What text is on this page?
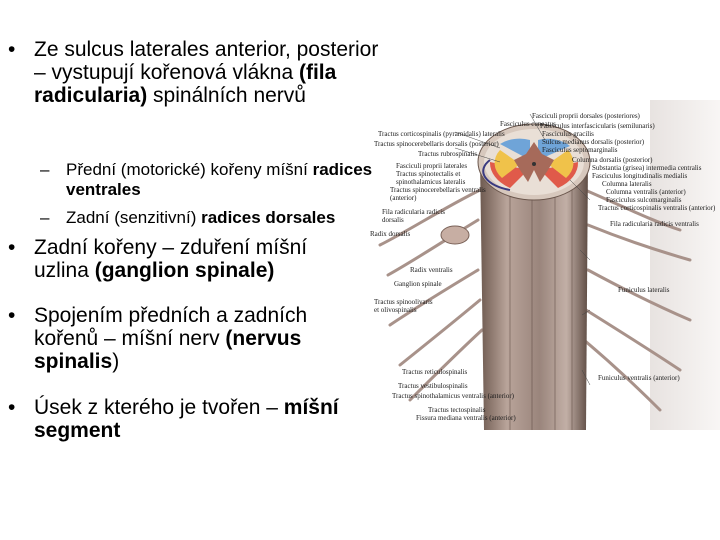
Fasciculi proprii dorsales (posteriores)
Fasciculus cuneatus
Fasciculus interfascicularis (semilunaris)
Fasciculus gracilis
Sulcus medianus dorsalis (posterior)
Fasciculus septomarginalis
Columna dorsalis (posterior)
Substantia (grisea) intermedia centralis
Fasciculus longitudinalis medialis
Columna lateralis
Columna ventralis (anterior)
Fasciculus sulcomarginalis
Tractus corticospinalis ventralis (anterior)
Fila radicularia radicis ventralis
Funiculus lateralis
Funiculus ventralis (anterior)
Tractus corticospinalis (pyramidalis) lateralis
Tractus spinocerebellaris dorsalis (posterior)
Tractus rubrospinalis
Fasciculi proprii laterales
Tractus spinotectalis et spinothalamicus lateralis
Tractus spinocerebellaris ventralis (anterior)
Fila radicularia radicis dorsalis
Radix dorsalis
Radix ventralis
Ganglion spinale
Tractus spinoolivaris et olivospinalis
Tractus reticulospinalis
Tractus vestibulospinalis
Tractus spinothalamicus ventralis (anterior)
Tractus tectospinalis
Fissura mediana ventralis (anterior)
• Ze sulcus laterales anterior, posterior – vystupují kořenová vlákna (fila radicularia) spinálních nervů
– Přední (motorické) kořeny míšní radices ventrales
– Zadní (senzitivní) radices dorsales
• Zadní kořeny – zduření míšní uzlina (ganglion spinale)
• Spojením předních a zadních kořenů – míšní nerv (nervus spinalis)
• Úsek z kterého je tvořen – míšní segment
